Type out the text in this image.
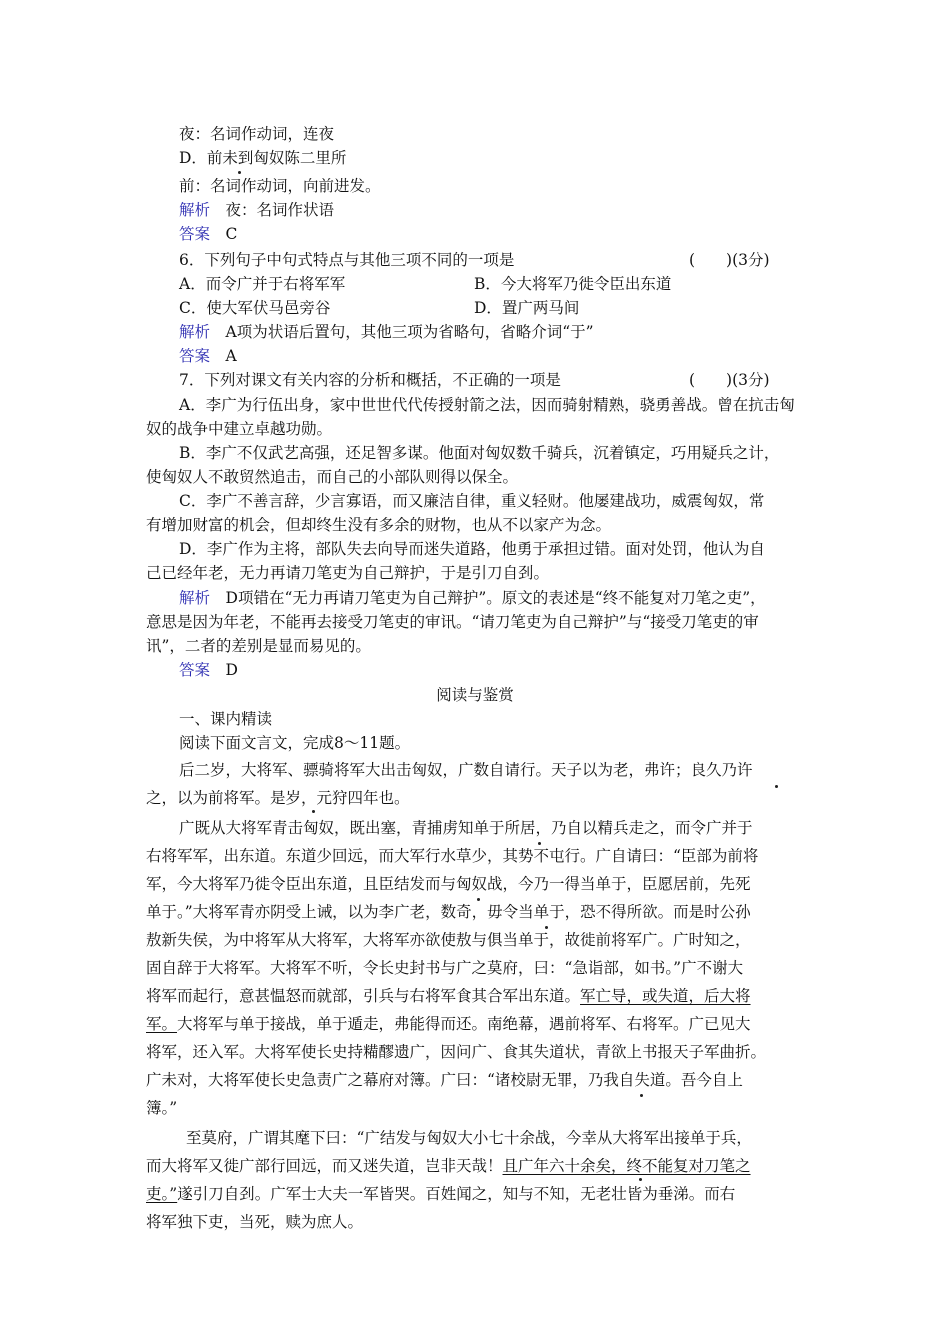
夜：名词作动词，连夜
D．前未到匈奴陈二里所
前：名词作动词，向前进发。
解析　夜：名词作状语
答案　C
6．下列句子中句式特点与其他三项不同的一项是	(　　)(3分)
A．而令广并于右将军军	B．今大将军乃徙令臣出东道
C．使大军伏马邑旁谷	D．置广两马间
解析　A项为状语后置句，其他三项为省略句，省略介词“于”
答案　A
7．下列对课文有关内容的分析和概括，不正确的一项是	(　　)(3分)
A．李广为行伍出身，家中世世代代传授射箭之法，因而骑射精熟，骁勇善战。曾在抗击匈
奴的战争中建立卓越功勋。
B．李广不仅武艺高强，还足智多谋。他面对匈奴数千骑兵，沉着镇定，巧用疑兵之计，
使匈奴人不敢贸然追击，而自己的小部队则得以保全。
C．李广不善言辞，少言寡语，而又廉洁自律，重义轻财。他屡建战功，威震匈奴，常
有增加财富的机会，但却终生没有多余的财物，也从不以家产为念。
D．李广作为主将，部队失去向导而迷失道路，他勇于承担过错。面对处罚，他认为自
己已经年老，无力再请刀笔吏为自己辩护，于是引刀自刭。
解析　D项错在“无力再请刀笔吏为自己辩护”。原文的表述是“终不能复对刀笔之吏”，
意思是因为年老，不能再去接受刀笔吏的审讯。“请刀笔吏为自己辩护”与“接受刀笔吏的审
讯”，二者的差别是显而易见的。
答案　D
阅读与鉴赏
一、课内精读
阅读下面文言文，完成8～11题。
后二岁，大将军、骠骑将军大出击匈奴，广数自请行。天子以为老，弗许；良久乃许
之，以为前将军。是岁，元狩四年也。
广既从大将军青击匈奴，既出塞，青捕虏知单于所居，乃自以精兵走之，而令广并于
右将军军，出东道。东道少回远，而大军行水草少，其势不屯行。广自请曰：“臣部为前将
军，今大将军乃徙令臣出东道，且臣结发而与匈奴战，今乃一得当单于，臣愿居前，先死
单于。”大将军青亦阴受上诫，以为李广老，数奇，毋令当单于，恐不得所欲。而是时公孙
敖新失侯，为中将军从大将军，大将军亦欲使敖与俱当单于，故徙前将军广。广时知之，
固自辞于大将军。大将军不听，令长史封书与广之莫府，曰：“急诣部，如书。”广不谢大
将军而起行，意甚愠怒而就部，引兵与右将军食其合军出东道。军亡导，或失道，后大将
军。大将军与单于接战，单于遁走，弗能得而还。南绝幕，遇前将军、右将军。广已见大
将军，还入军。大将军使长史持糒醪遗广，因问广、食其失道状，青欲上书报天子军曲折。
广未对，大将军使长史急责广之幕府对簿。广曰：“诸校尉无罪，乃我自失道。吾今自上
簿。”
至莫府，广谓其麾下曰：“广结发与匈奴大小七十余战，今幸从大将军出接单于兵，
而大将军又徙广部行回远，而又迷失道，岂非天哉！且广年六十余矣，终不能复对刀笔之
吏。”遂引刀自刭。广军士大夫一军皆哭。百姓闻之，知与不知，无老壮皆为垂涕。而右
将军独下吏，当死，赎为庶人。
